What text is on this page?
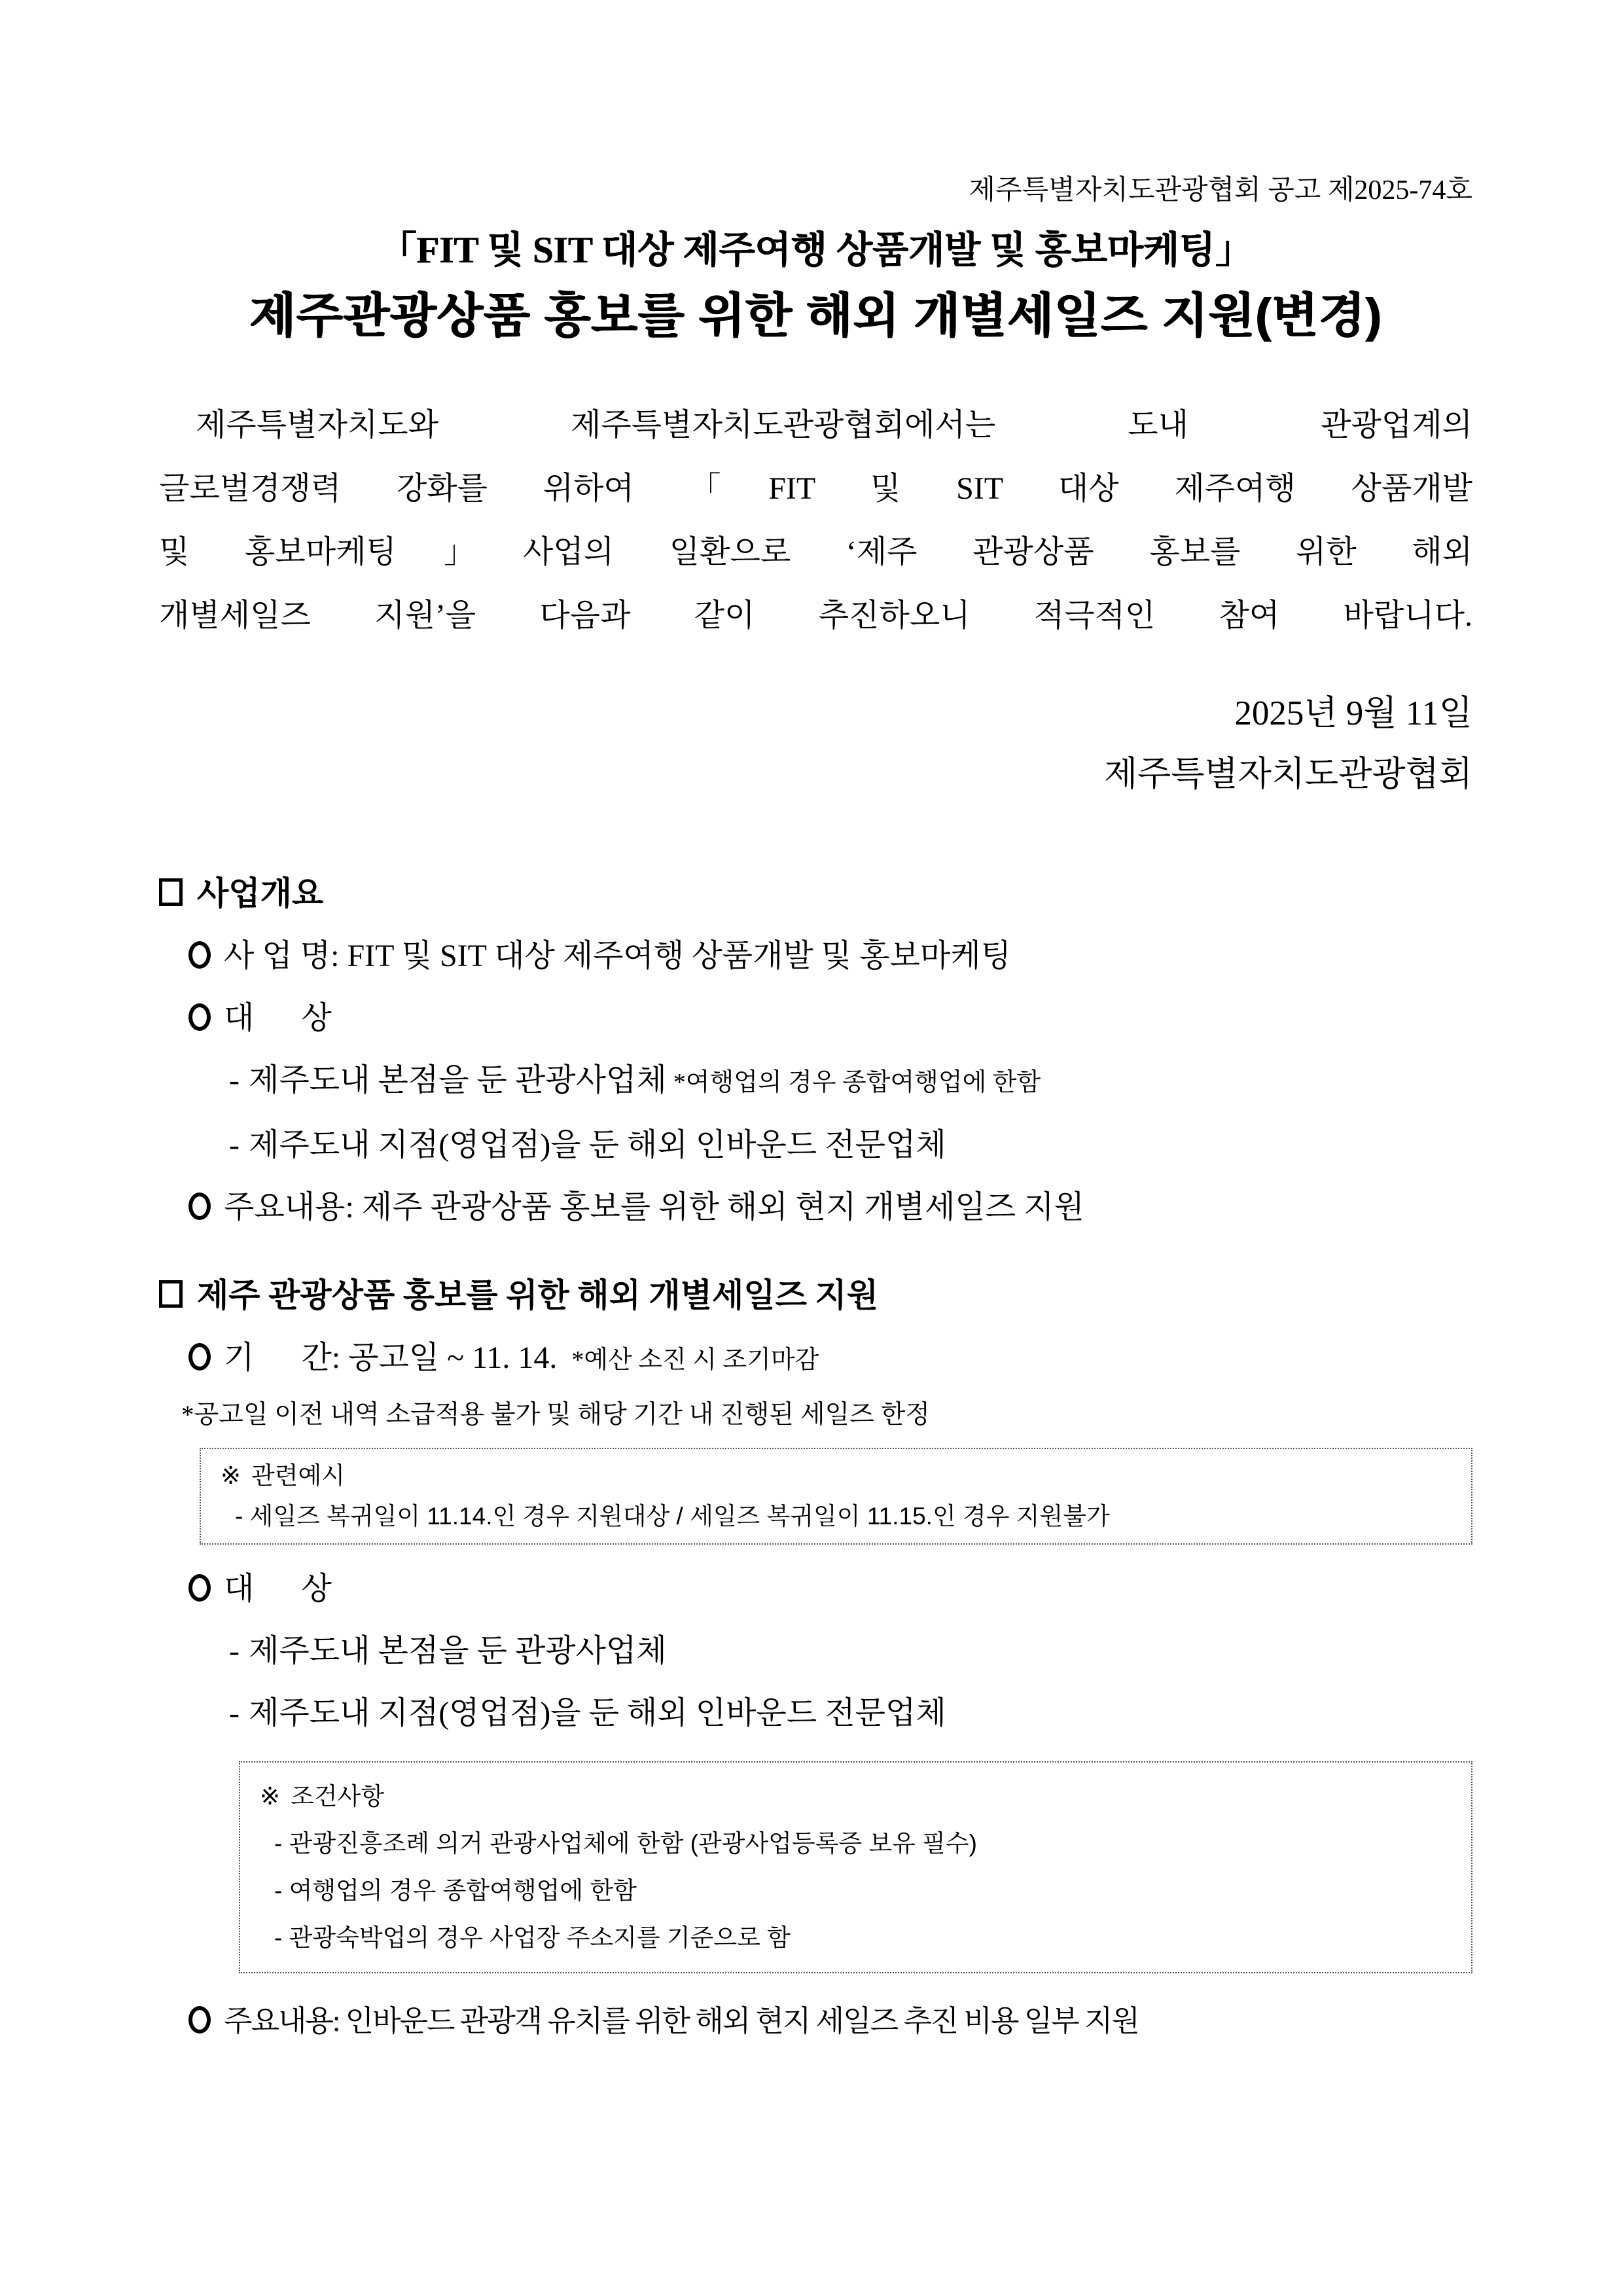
제주특별자치도관광협회 공고 제2025-74호
「FIT 및 SIT 대상 제주여행 상품개발 및 홍보마케팅」
제주관광상품 홍보를 위한 해외 개별세일즈 지원(변경)
제주특별자치도와 제주특별자치도관광협회에서는 도내 관광업계의
글로벌경쟁력 강화를 위하여 「FIT 및 SIT 대상 제주여행 상품개발
및 홍보마케팅」사업의 일환으로 ‘제주 관광상품 홍보를 위한 해외
개별세일즈 지원’을 다음과 같이 추진하오니 적극적인 참여 바랍니다.
2025년 9월 11일
제주특별자치도관광협회
사업개요
사 업 명: FIT 및 SIT 대상 제주여행 상품개발 및 홍보마케팅
대      상
- 제주도내 본점을 둔 관광사업체 *여행업의 경우 종합여행업에 한함
- 제주도내 지점(영업점)을 둔 해외 인바운드 전문업체
주요내용: 제주 관광상품 홍보를 위한 해외 현지 개별세일즈 지원
제주 관광상품 홍보를 위한 해외 개별세일즈 지원
기      간: 공고일 ~ 11. 14. *예산 소진 시 조기마감
*공고일 이전 내역 소급적용 불가 및 해당 기간 내 진행된 세일즈 한정
※ 관련예시
- 세일즈 복귀일이 11.14.인 경우 지원대상 / 세일즈 복귀일이 11.15.인 경우 지원불가
대      상
- 제주도내 본점을 둔 관광사업체
- 제주도내 지점(영업점)을 둔 해외 인바운드 전문업체
※ 조건사항
- 관광진흥조례 의거 관광사업체에 한함 (관광사업등록증 보유 필수)
- 여행업의 경우 종합여행업에 한함
- 관광숙박업의 경우 사업장 주소지를 기준으로 함
주요내용: 인바운드 관광객 유치를 위한 해외 현지 세일즈 추진 비용 일부 지원
